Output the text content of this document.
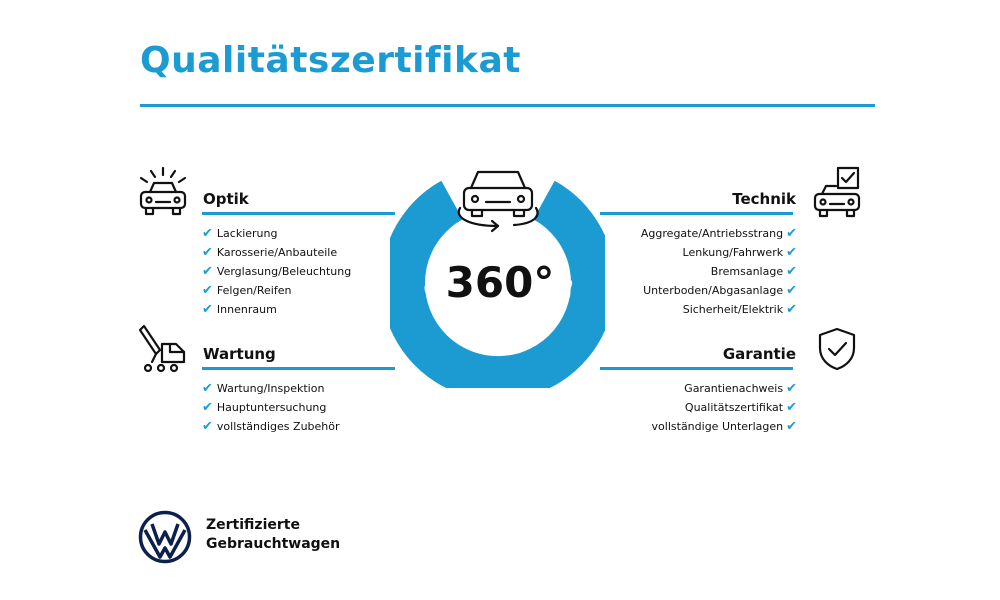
Qualitätszertifikat
Optik
✔ Lackierung
✔ Karosserie/Anbauteile
✔ Verglasung/Beleuchtung
✔ Felgen/Reifen
✔ Innenraum
Wartung
✔ Wartung/Inspektion
✔ Hauptuntersuchung
✔ vollständiges Zubehör
Technik
Aggregate/Antriebsstrang ✔
Lenkung/Fahrwerk ✔
Bremsanlage ✔
Unterboden/Abgasanlage ✔
Sicherheit/Elektrik ✔
Garantie
Garantienachweis ✔
Qualitätszertifikat ✔
vollständige Unterlagen ✔
ebrauchtwagen-Chec
360°
Zertifizierte
Gebrauchtwagen
